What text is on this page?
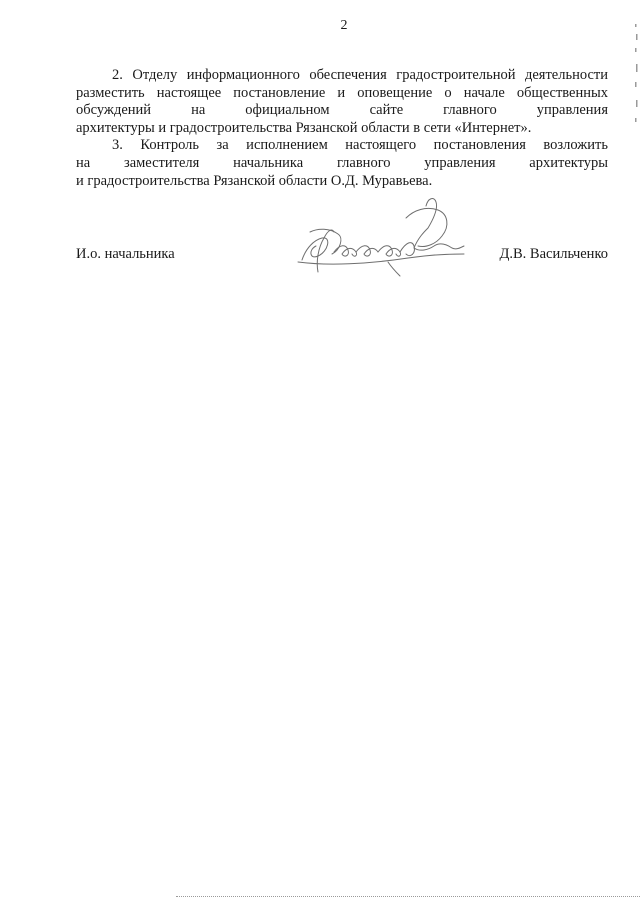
2

2. Отделу информационного обеспечения градостроительной деятельности
разместить настоящее постановление и оповещение о начале общественных
обсуждений на официальном сайте главного управления
архитектуры и градостроительства Рязанской области в сети «Интернет».

3. Контроль за исполнением настоящего постановления возложить
на заместителя начальника главного управления архитектуры
и градостроительства Рязанской области О.Д. Муравьева.

И.о. начальника	Д.В. Васильченко
